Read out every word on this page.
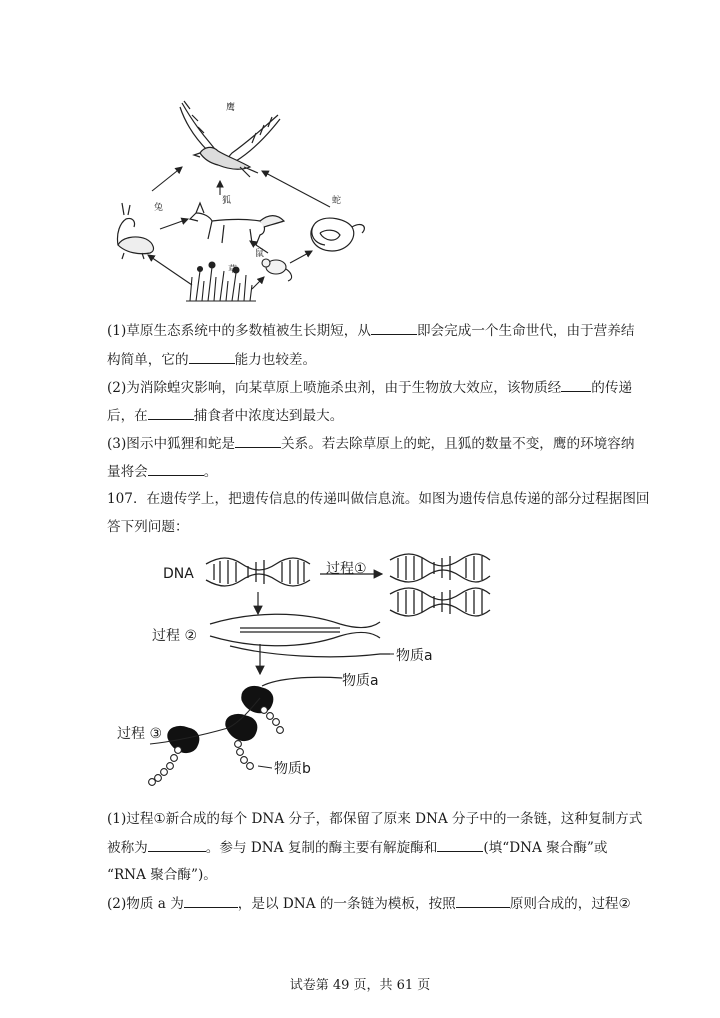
鹰
兔
狐	蛇
鼠
草
(1)草原生态系统中的多数植被生长期短，从	即会完成一个生命世代，由于营养结
构简单，它的	能力也较差。
(2)为消除蝗灾影响，向某草原上喷施杀虫剂，由于生物放大效应，该物质经 的传递
后，在	捕食者中浓度达到最大。
(3)图示中狐狸和蛇是	关系。若去除草原上的蛇，且狐的数量不变，鹰的环境容纳
量将会	。
107．在遗传学上，把遗传信息的传递叫做信息流。如图为遗传信息传递的部分过程据图回
答下列问题：
DNA	过程①
过程 ②
物质a
物质a
过程 ③
物质b
(1)过程①新合成的每个 DNA 分子，都保留了原来 DNA 分子中的一条链，这种复制方式
被称为	。参与 DNA 复制的酶主要有解旋酶和	(填“DNA 聚合酶”或
“RNA 聚合酶”)。
(2)物质 a 为	，是以 DNA 的一条链为模板，按照	原则合成的，过程②
试卷第 49 页，共 61 页
